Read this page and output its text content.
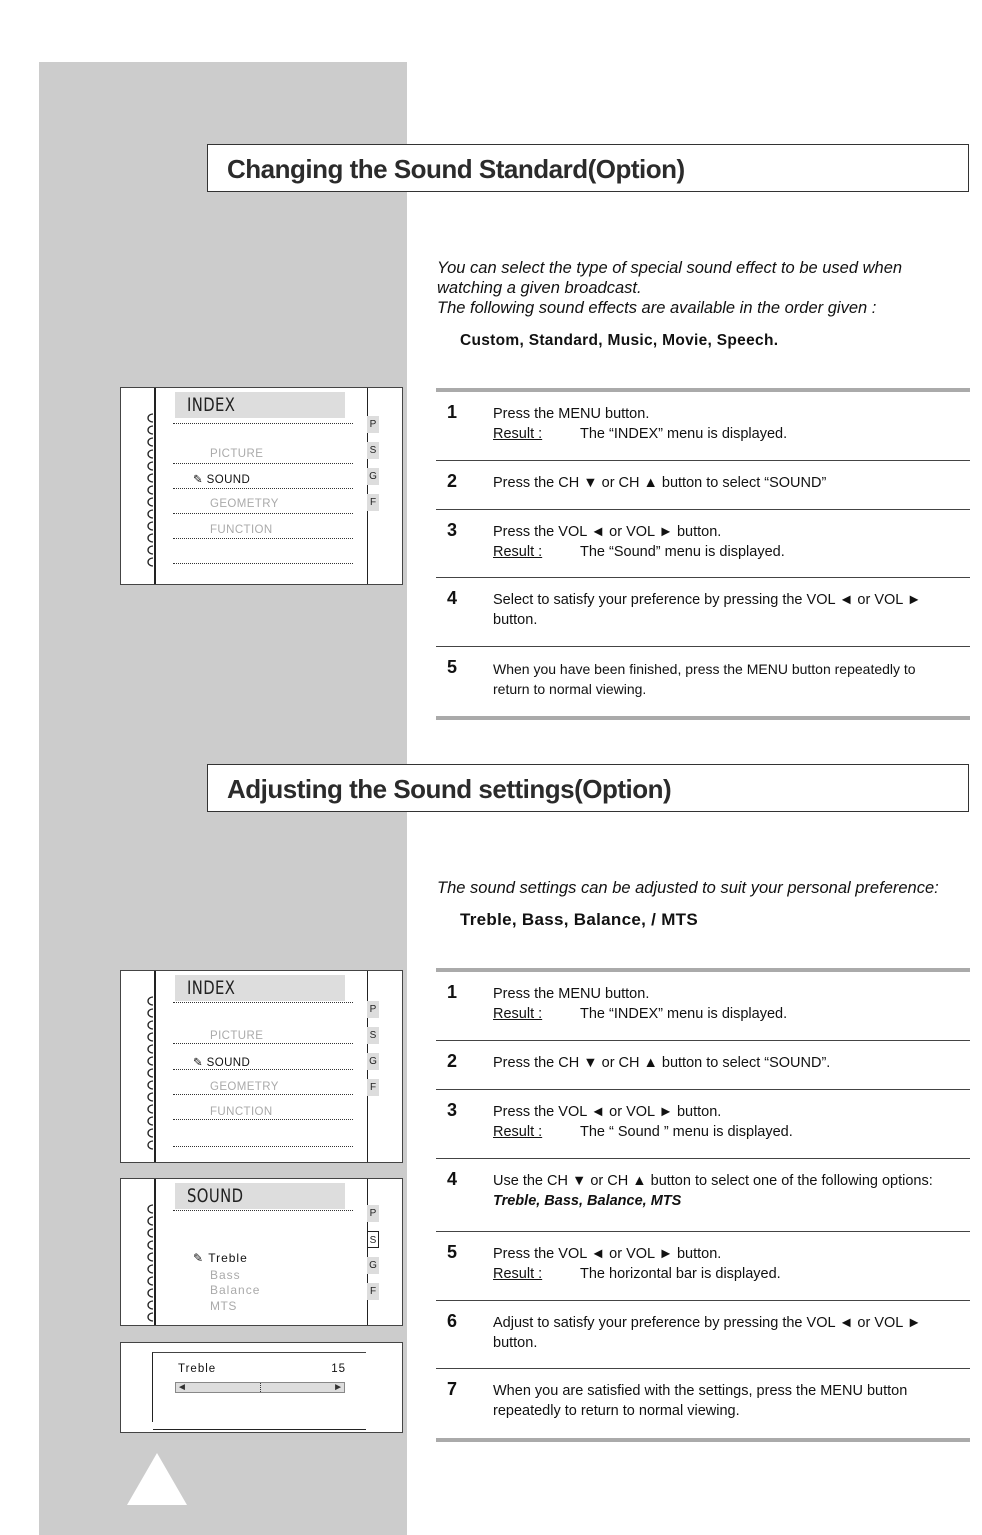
Changing the Sound Standard(Option)
You can select the type of special sound effect to be used when
watching a given broadcast.
The following sound effects are available in the order given :
Custom, Standard, Music, Movie, Speech.
INDEX
PICTURE
✎ SOUND
GEOMETRY
FUNCTION
P
S
G
F
1 Press the MENU button.
Result :	The “INDEX” menu is displayed.
2 Press the CH ▼ or CH ▲ button to select “SOUND”
3 Press the VOL ◄ or VOL ► button.
Result :	The “Sound” menu is displayed.
4 Select to satisfy your preference by pressing the VOL ◄ or VOL ►
button.
5	When you have been finished, press the MENU button repeatedly to
return to normal viewing.
Adjusting the Sound settings(Option)
The sound settings can be adjusted to suit your personal preference:
Treble, Bass, Balance, / MTS
INDEX
PICTURE
✎ SOUND
GEOMETRY
FUNCTION
P
S
G
F
SOUND
✎ Treble
Bass
Balance
MTS
P
S
G
F
Treble	15
◄	►
1 Press the MENU button.
Result :	The “INDEX” menu is displayed.
2 Press the CH ▼ or CH ▲ button to select “SOUND”.
3 Press the VOL ◄ or VOL ► button.
Result :	The “ Sound ” menu is displayed.
4 Use the CH ▼ or CH ▲ button to select one of the following options:
Treble, Bass, Balance, MTS
5 Press the VOL ◄ or VOL ► button.
Result :	The horizontal bar is displayed.
6 Adjust to satisfy your preference by pressing the VOL ◄ or VOL ►
button.
7 When you are satisfied with the settings, press the MENU button
repeatedly to return to normal viewing.
